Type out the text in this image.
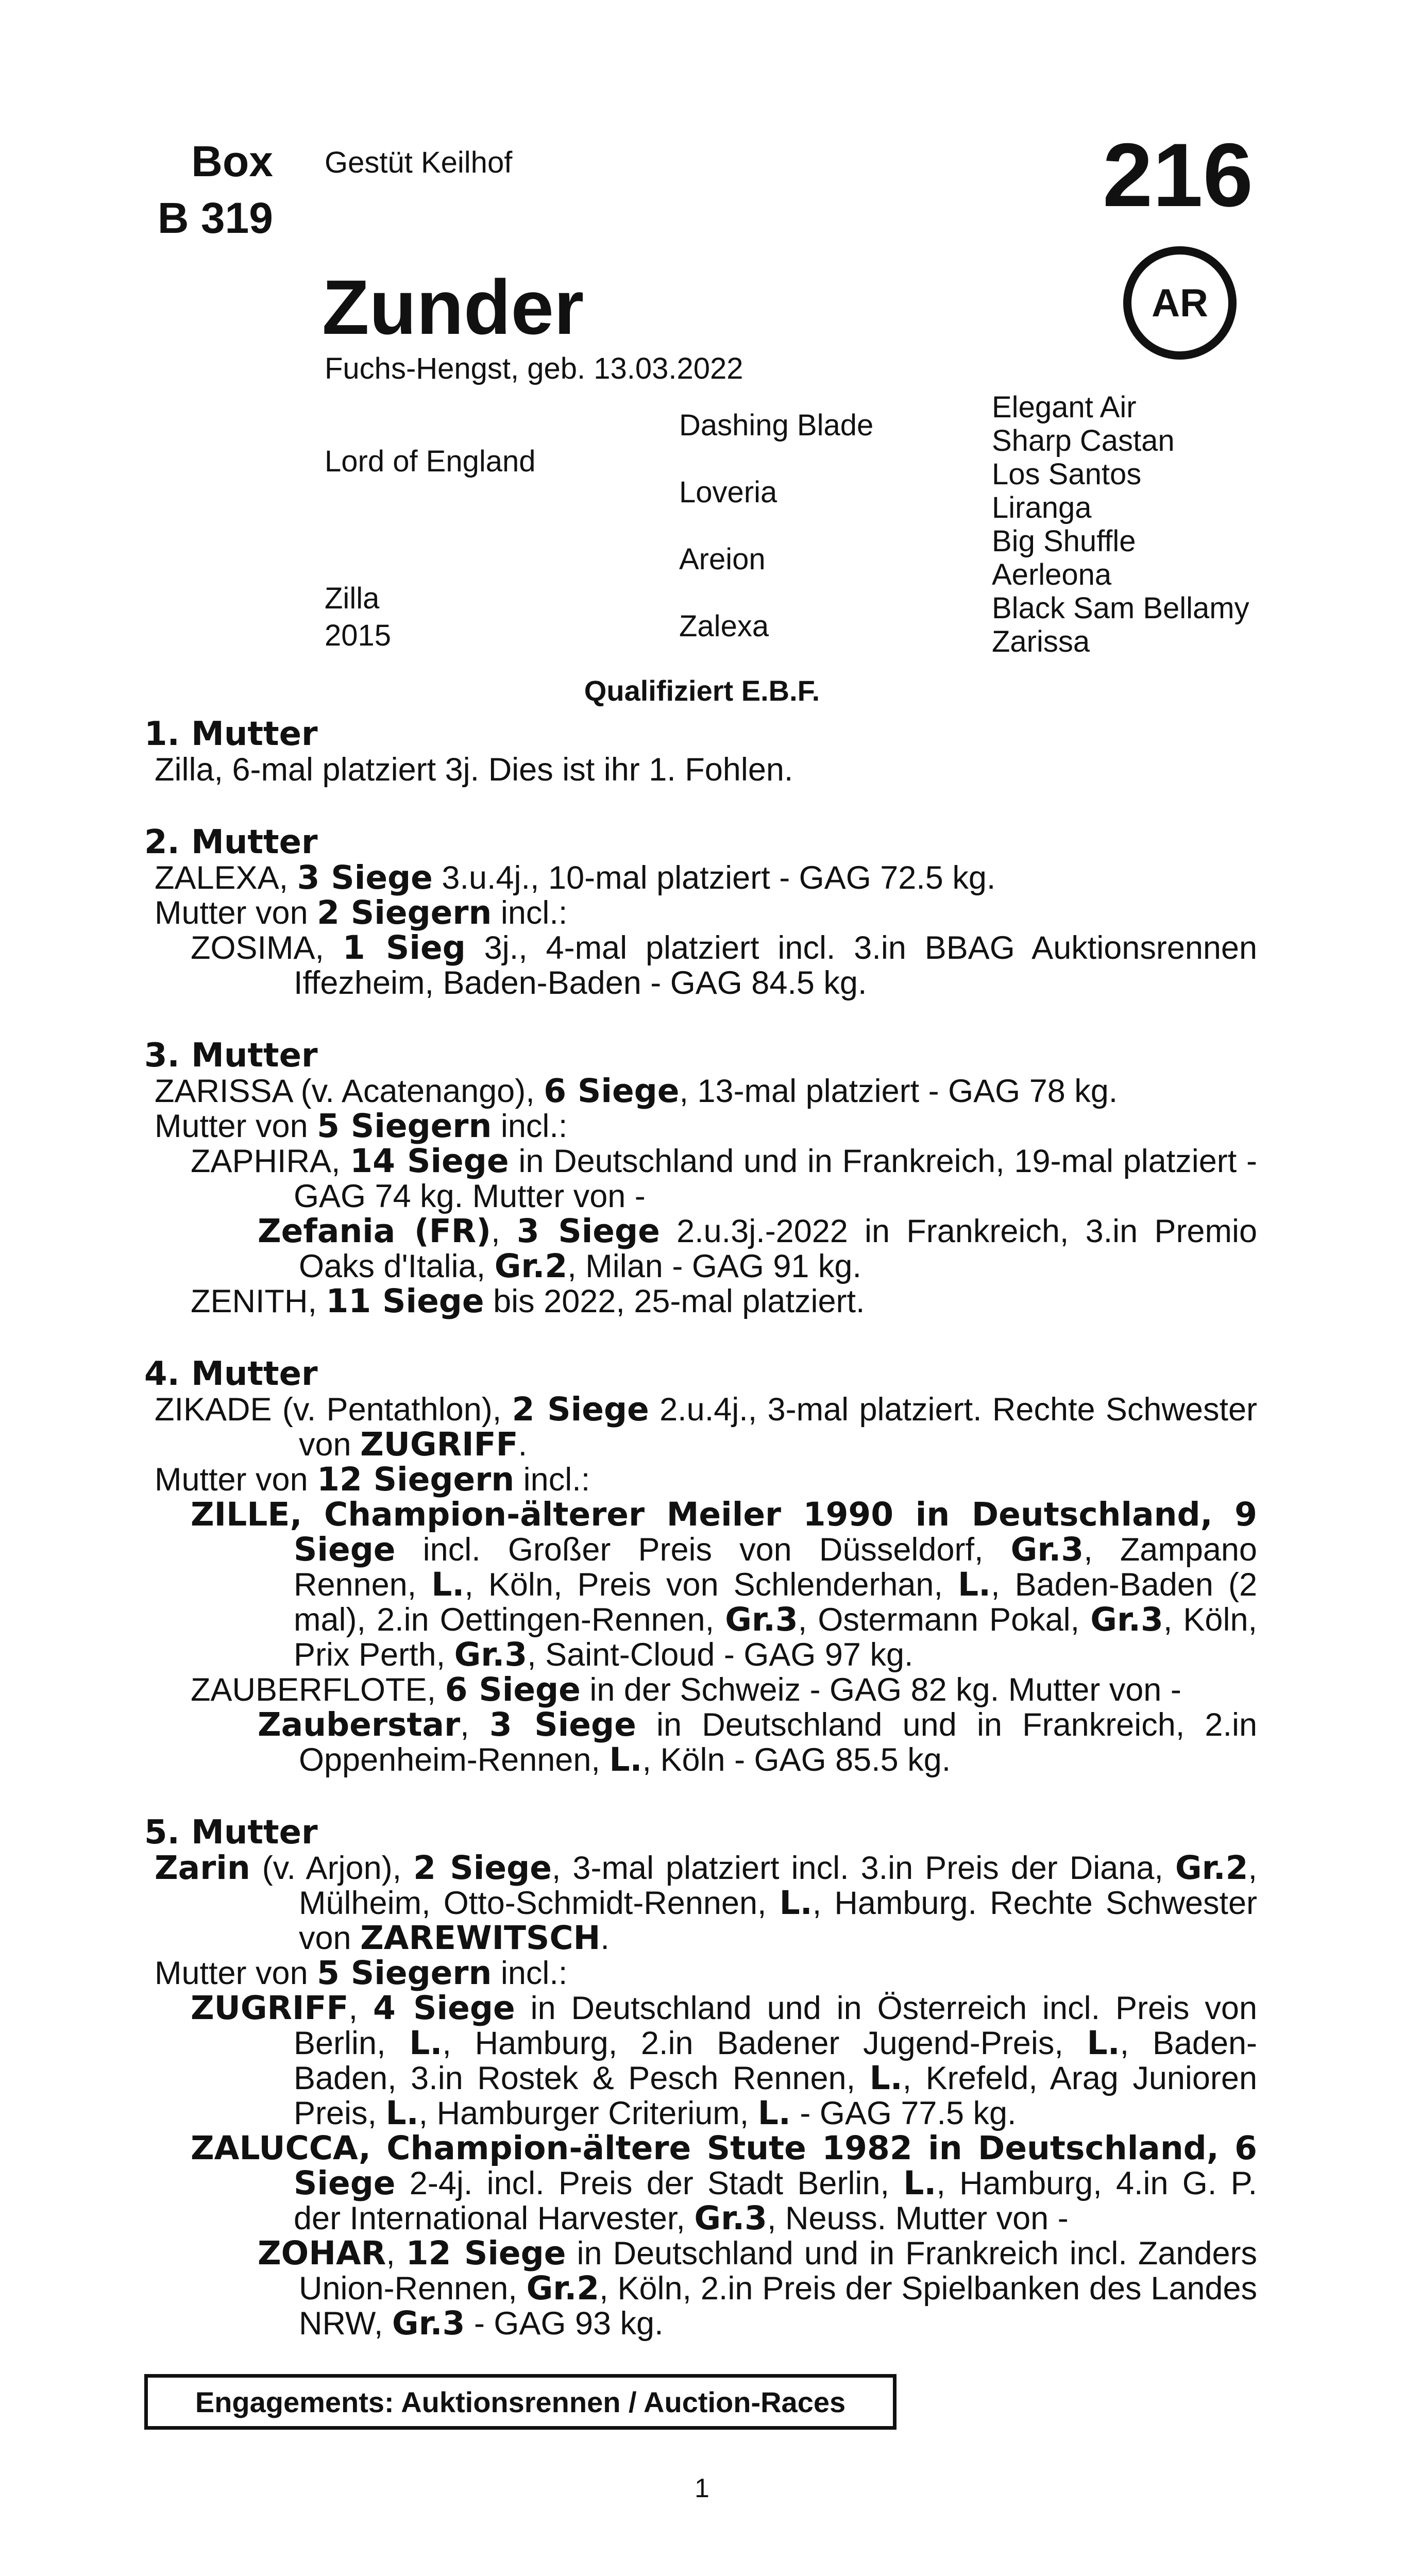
Box
B 319
Gestüt Keilhof	216
Zunder	AR
Fuchs-Hengst, geb. 13.03.2022
Lord of England
Zilla
2015
Dashing Blade
Loveria
Areion
Zalexa
Elegant Air
Sharp Castan
Los Santos
Liranga
Big Shuffle
Aerleona
Black Sam Bellamy
Zarissa
Qualifiziert E.B.F.
1. Mutter
Zilla, 6-mal platziert 3j. Dies ist ihr 1. Fohlen.
2. Mutter
ZALEXA, 3 Siege 3.u.4j., 10-mal platziert - GAG 72.5 kg.
Mutter von 2 Siegern incl.:
ZOSIMA, 1 Sieg 3j., 4-mal platziert incl. 3.in BBAG Auktionsrennen Iffezheim, Baden-Baden - GAG 84.5 kg.
3. Mutter
ZARISSA (v. Acatenango), 6 Siege, 13-mal platziert - GAG 78 kg.
Mutter von 5 Siegern incl.:
ZAPHIRA, 14 Siege in Deutschland und in Frankreich, 19-mal platziert - GAG 74 kg. Mutter von -
Zefania (FR), 3 Siege 2.u.3j.-2022 in Frankreich, 3.in Premio Oaks d'Italia, Gr.2, Milan - GAG 91 kg.
ZENITH, 11 Siege bis 2022, 25-mal platziert.
4. Mutter
ZIKADE (v. Pentathlon), 2 Siege 2.u.4j., 3-mal platziert. Rechte Schwester von ZUGRIFF.
Mutter von 12 Siegern incl.:
ZILLE, Champion-älterer Meiler 1990 in Deutschland, 9 Siege incl. Großer Preis von Düsseldorf, Gr.3, Zampano Rennen, L., Köln, Preis von Schlenderhan, L., Baden-Baden (2 mal), 2.in Oettingen-Rennen, Gr.3, Ostermann Pokal, Gr.3, Köln, Prix Perth, Gr.3, Saint-Cloud - GAG 97 kg.
ZAUBERFLOTE, 6 Siege in der Schweiz - GAG 82 kg. Mutter von -
Zauberstar, 3 Siege in Deutschland und in Frankreich, 2.in Oppenheim-Rennen, L., Köln - GAG 85.5 kg.
5. Mutter
Zarin (v. Arjon), 2 Siege, 3-mal platziert incl. 3.in Preis der Diana, Gr.2, Mülheim, Otto-Schmidt-Rennen, L., Hamburg. Rechte Schwester von ZAREWITSCH.
Mutter von 5 Siegern incl.:
ZUGRIFF, 4 Siege in Deutschland und in Österreich incl. Preis von Berlin, L., Hamburg, 2.in Badener Jugend-Preis, L., Baden-Baden, 3.in Rostek & Pesch Rennen, L., Krefeld, Arag Junioren Preis, L., Hamburger Criterium, L. - GAG 77.5 kg.
ZALUCCA, Champion-ältere Stute 1982 in Deutschland, 6 Siege 2-4j. incl. Preis der Stadt Berlin, L., Hamburg, 4.in G. P. der International Harvester, Gr.3, Neuss. Mutter von -
ZOHAR, 12 Siege in Deutschland und in Frankreich incl. Zanders Union-Rennen, Gr.2, Köln, 2.in Preis der Spielbanken des Landes NRW, Gr.3 - GAG 93 kg.
Engagements: Auktionsrennen / Auction-Races
1
